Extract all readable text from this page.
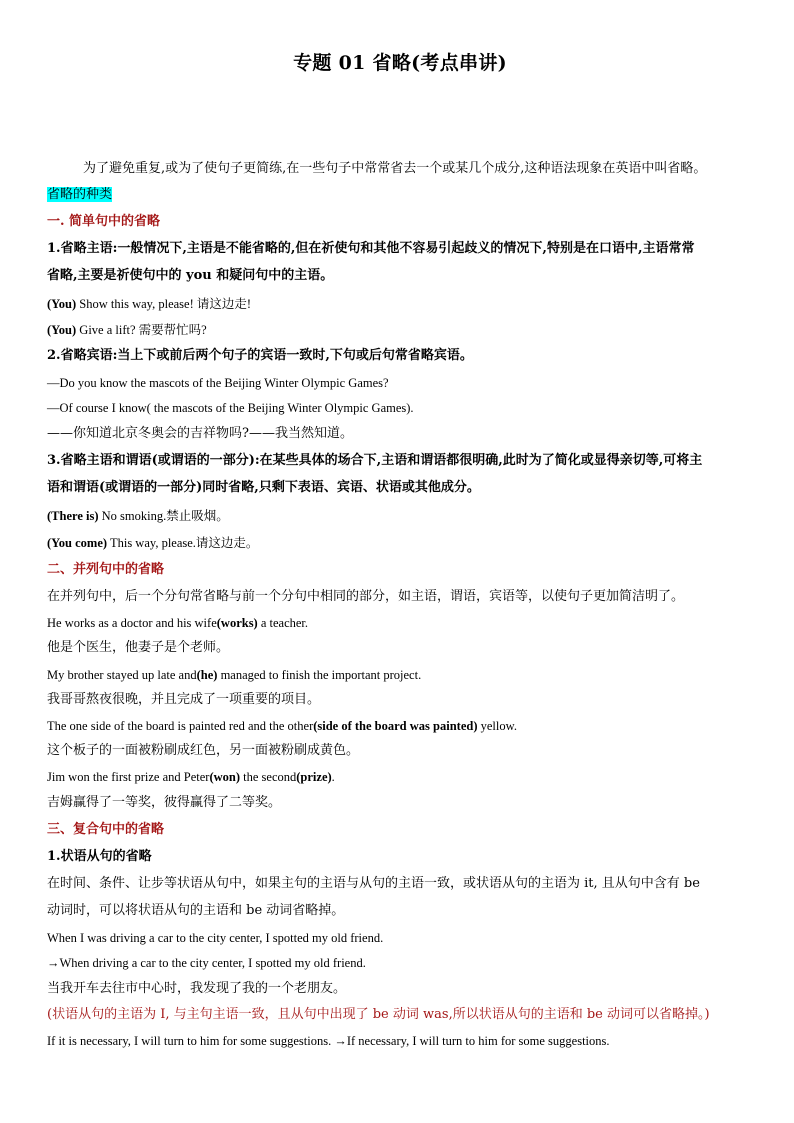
专题 01 省略(考点串讲)
为了避免重复,或为了使句子更简练,在一些句子中常常省去一个或某几个成分,这种语法现象在英语中叫省略。
省略的种类
一. 简单句中的省略
1.省略主语:一般情况下,主语是不能省略的,但在祈使句和其他不容易引起歧义的情况下,特别是在口语中,主语常常
省略,主要是祈使句中的 you 和疑问句中的主语。
(You) Show this way, please! 请这边走!
(You) Give a lift? 需要帮忙吗?
2.省略宾语:当上下或前后两个句子的宾语一致时,下句或后句常省略宾语。
—Do you know the mascots of the Beijing Winter Olympic Games?
—Of course I know( the mascots of the Beijing Winter Olympic Games).
——你知道北京冬奥会的吉祥物吗?——我当然知道。
3.省略主语和谓语(或谓语的一部分):在某些具体的场合下,主语和谓语都很明确,此时为了简化或显得亲切等,可将主
语和谓语(或谓语的一部分)同时省略,只剩下表语、宾语、状语或其他成分。
(There is) No smoking.禁止吸烟。
(You come) This way, please.请这边走。
二、并列句中的省略
在并列句中，后一个分句常省略与前一个分句中相同的部分，如主语，谓语，宾语等，以使句子更加简洁明了。
He works as a doctor and his wife(works) a teacher.
他是个医生，他妻子是个老师。
My brother stayed up late and(he) managed to finish the important project.
我哥哥熬夜很晚，并且完成了一项重要的项目。
The one side of the board is painted red and the other(side of the board was painted) yellow.
这个板子的一面被粉刷成红色，另一面被粉刷成黄色。
Jim won the first prize and Peter(won) the second(prize).
吉姆赢得了一等奖，彼得赢得了二等奖。
三、复合句中的省略
1.状语从句的省略
在时间、条件、让步等状语从句中，如果主句的主语与从句的主语一致，或状语从句的主语为 it, 且从句中含有 be
动词时，可以将状语从句的主语和 be 动词省略掉。
When I was driving a car to the city center, I spotted my old friend.
→When driving a car to the city center, I spotted my old friend.
当我开车去往市中心时，我发现了我的一个老朋友。
(状语从句的主语为 I, 与主句主语一致，且从句中出现了 be 动词 was,所以状语从句的主语和 be 动词可以省略掉。)
If it is necessary, I will turn to him for some suggestions. →If necessary, I will turn to him for some suggestions.
